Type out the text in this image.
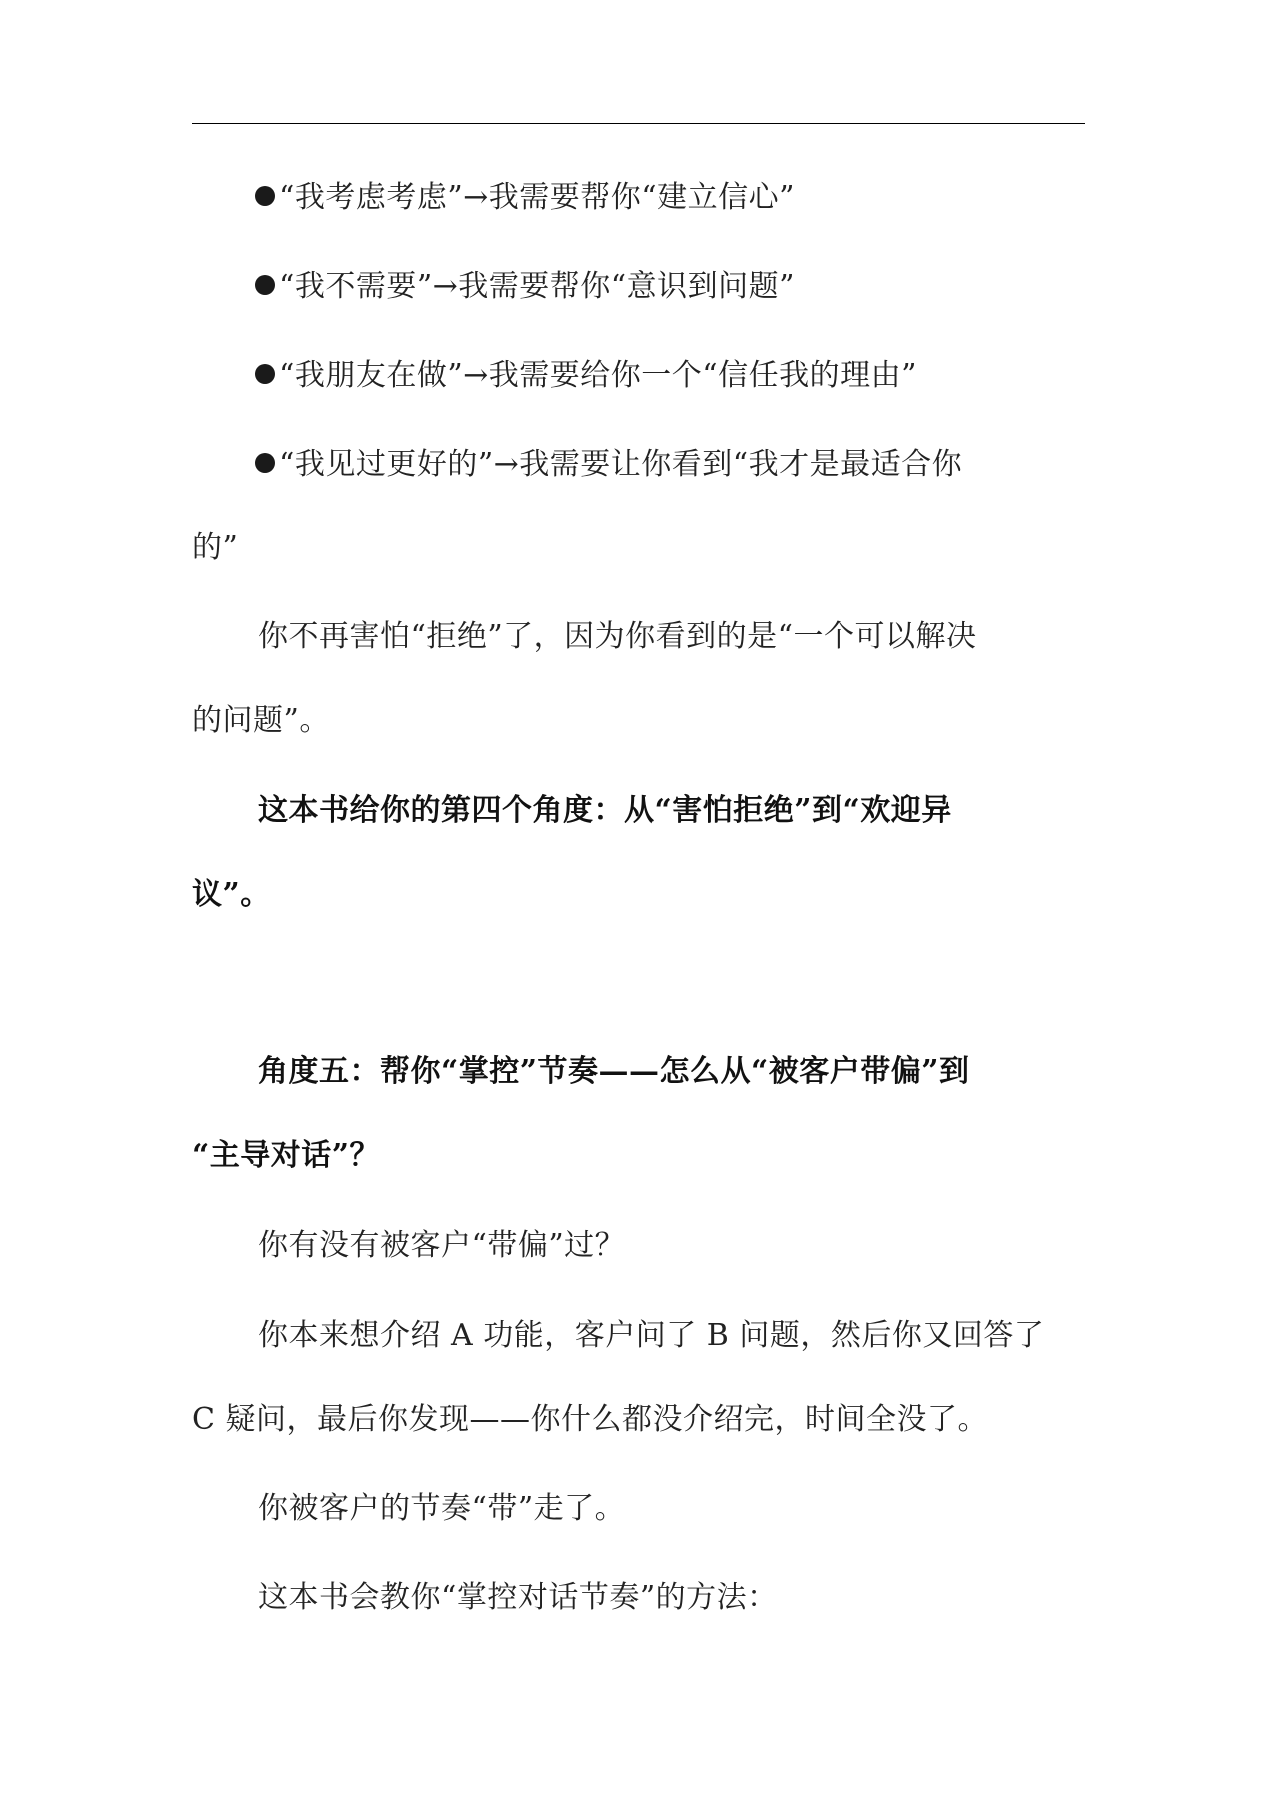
“我考虑考虑”→我需要帮你“建立信心”
“我不需要”→我需要帮你“意识到问题”
“我朋友在做”→我需要给你一个“信任我的理由”
“我见过更好的”→我需要让你看到“我才是最适合你
的”
你不再害怕“拒绝”了，因为你看到的是“一个可以解决
的问题”。
这本书给你的第四个角度：从“害怕拒绝”到“欢迎异
议”。
角度五：帮你“掌控”节奏——怎么从“被客户带偏”到
“主导对话”？
你有没有被客户“带偏”过？
你本来想介绍 A 功能，客户问了 B 问题，然后你又回答了
C 疑问，最后你发现——你什么都没介绍完，时间全没了。
你被客户的节奏“带”走了。
这本书会教你“掌控对话节奏”的方法：
